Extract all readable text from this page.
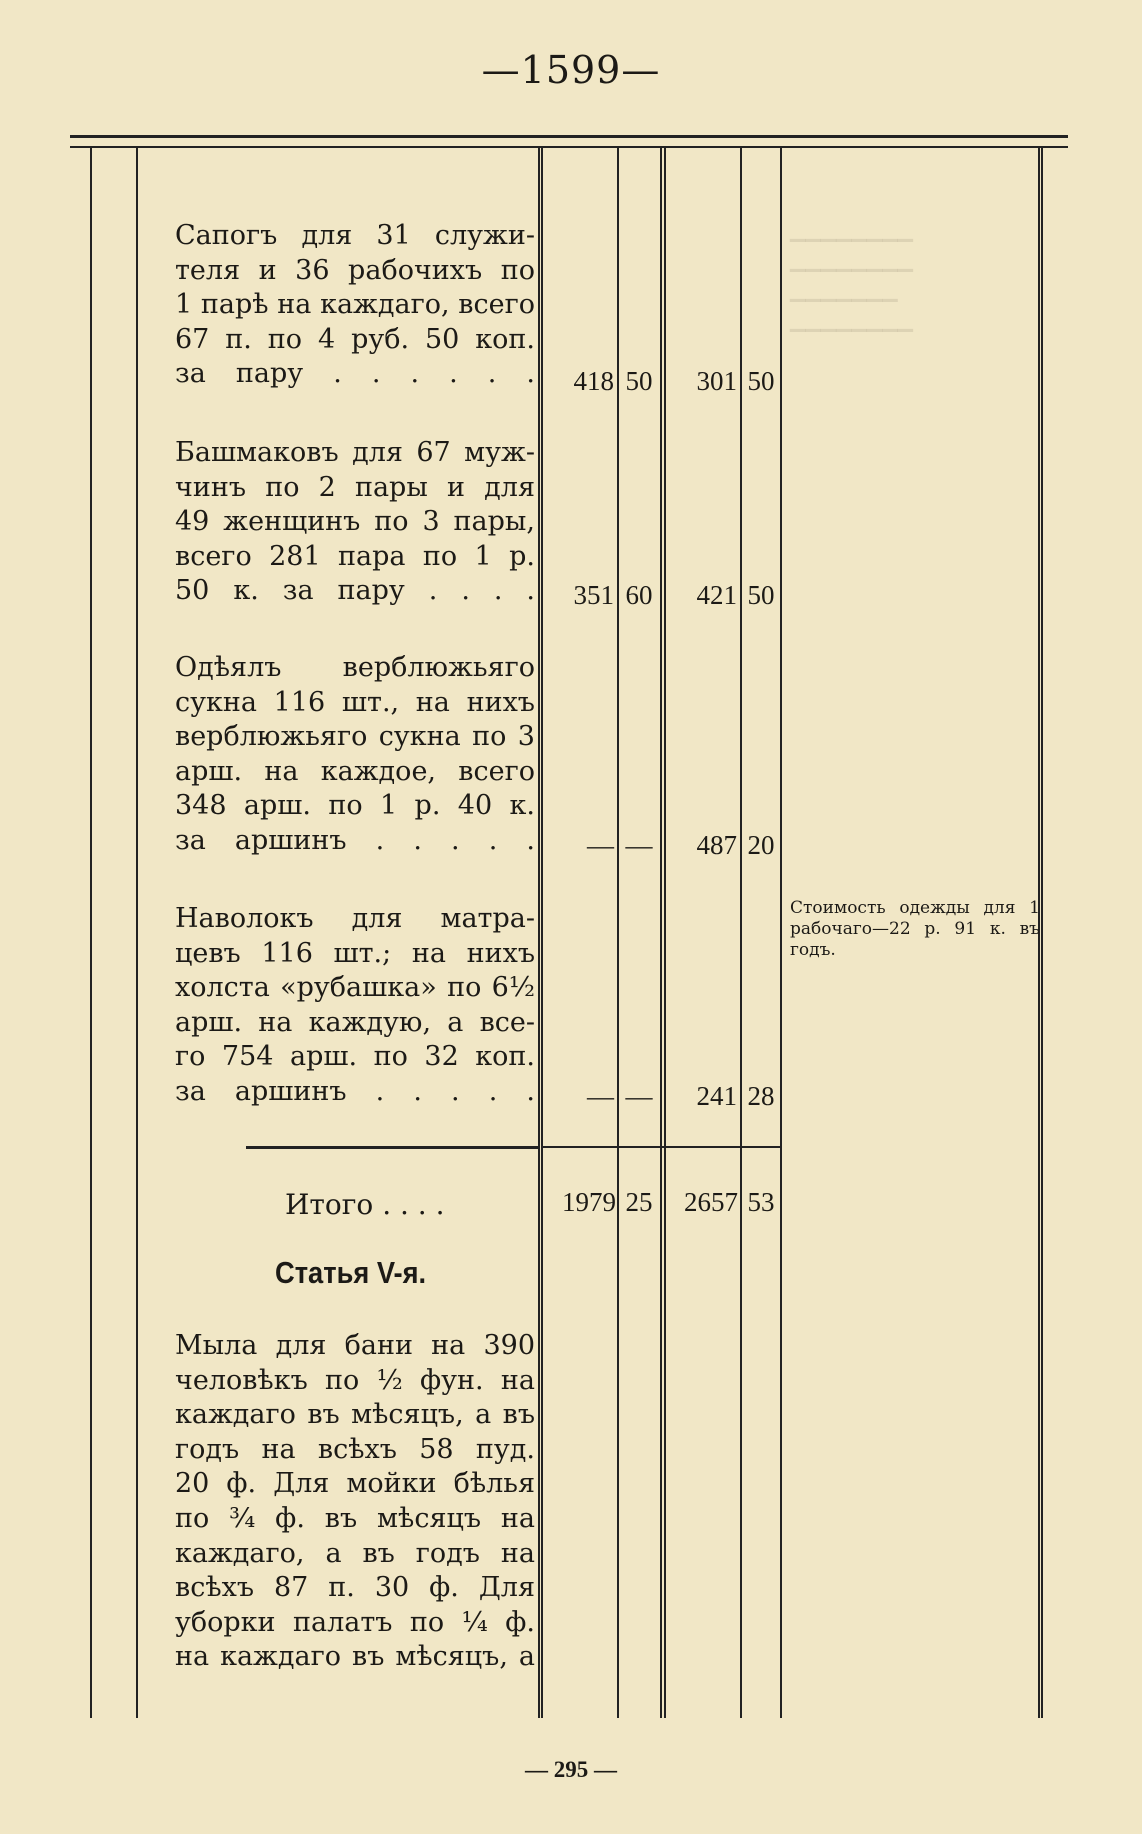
—1599—
▁▁▁▁▁▁▁▁
▁▁▁▁▁▁▁▁
▁▁▁▁▁▁▁
▁▁▁▁▁▁▁▁
Сапогъ для 31 служи-
теля и 36 рабочихъ по
1 парѣ на каждаго, всего
67 п. по 4 руб. 50 коп.
за пару . . . . . .	418 50	301 50
Башмаковъ для 67 муж-
чинъ по 2 пары и для
49 женщинъ по 3 пары,
всего 281 пара по 1 р.
50 к. за пару . . . .	351 60	421 50
Одѣялъ верблюжьяго
сукна 116 шт., на нихъ
верблюжьяго сукна по 3
арш. на каждое, всего
348 арш. по 1 р. 40 к.
за аршинъ . . . . .	— —	487 20
Наволокъ для матра-
цевъ 116 шт.; на нихъ
холста «рубашка» по 6½
арш. на каждую, a все-
го 754 арш. по 32 коп.
за аршинъ . . . . .	— —	241 28
Стоимость одежды для 1 рабочаго—22 р. 91 к. въ годъ.
Итого . . . .	1979 25	2657 53
Статья V-я.
Мыла для бани на 390
человѣкъ по ½ фун. на
каждаго въ мѣсяцъ, а въ
годъ на всѣхъ 58 пуд.
20 ф. Для мойки бѣлья
по ¾ ф. въ мѣсяцъ на
каждаго, а въ годъ на
всѣхъ 87 п. 30 ф. Для
уборки палатъ по ¼ ф.
на каждаго въ мѣсяцъ, а
— 295 —
